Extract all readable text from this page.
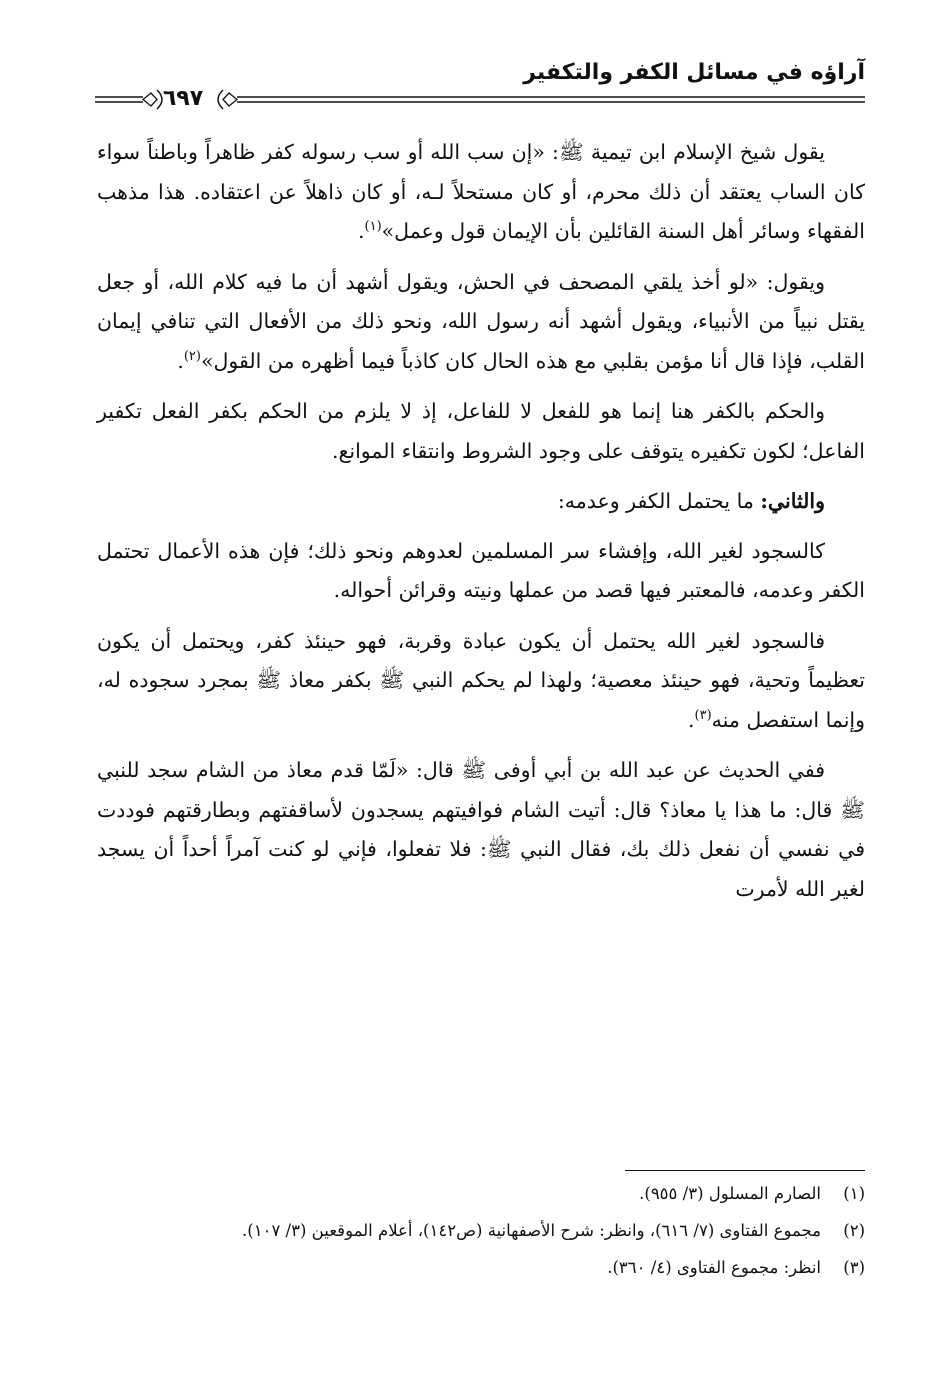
آراؤه في مسائل الكفر والتكفير
٦٩٧

يقول شيخ الإسلام ابن تيمية ﷺ: «إن سب الله أو سب رسوله كفر ظاهراً وباطناً سواء كان الساب يعتقد أن ذلك محرم، أو كان مستحلاً لـه، أو كان ذاهلاً عن اعتقاده. هذا مذهب الفقهاء وسائر أهل السنة القائلين بأن الإيمان قول وعمل»$^{(١)}$.

ويقول: «لو أخذ يلقي المصحف في الحش، ويقول أشهد أن ما فيه كلام الله، أو جعل يقتل نبياً من الأنبياء، ويقول أشهد أنه رسول الله، ونحو ذلك من الأفعال التي تنافي إيمان القلب، فإذا قال أنا مؤمن بقلبي مع هذه الحال كان كاذباً فيما أظهره من القول»$^{(٢)}$.

والحكم بالكفر هنا إنما هو للفعل لا للفاعل، إذ لا يلزم من الحكم بكفر الفعل تكفير الفاعل؛ لكون تكفيره يتوقف على وجود الشروط وانتقاء الموانع.

والثاني: ما يحتمل الكفر وعدمه:

كالسجود لغير الله، وإفشاء سر المسلمين لعدوهم ونحو ذلك؛ فإن هذه الأعمال تحتمل الكفر وعدمه، فالمعتبر فيها قصد من عملها ونيته وقرائن أحواله.

فالسجود لغير الله يحتمل أن يكون عبادة وقربة، فهو حينئذ كفر، ويحتمل أن يكون تعظيماً وتحية، فهو حينئذ معصية؛ ولهذا لم يحكم النبي ﷺ بكفر معاذ ﷺ بمجرد سجوده له، وإنما استفصل منه$^{(٣)}$.

ففي الحديث عن عبد الله بن أبي أوفى ﷺ قال: «لَمّا قدم معاذ من الشام سجد للنبي ﷺ قال: ما هذا يا معاذ؟ قال: أتيت الشام فوافيتهم يسجدون لأساقفتهم وبطارقتهم فوددت في نفسي أن نفعل ذلك بك، فقال النبي ﷺ: فلا تفعلوا، فإني لو كنت آمراً أحداً أن يسجد لغير الله لأمرت

(١)
الصارم المسلول (٣/ ٩٥٥).
(٢)
مجموع الفتاوى (٧/ ٦١٦)، وانظر: شرح الأصفهانية (ص١٤٢)، أعلام الموقعين (٣/ ١٠٧).
(٣)
انظر: مجموع الفتاوى (٤/ ٣٦٠).
